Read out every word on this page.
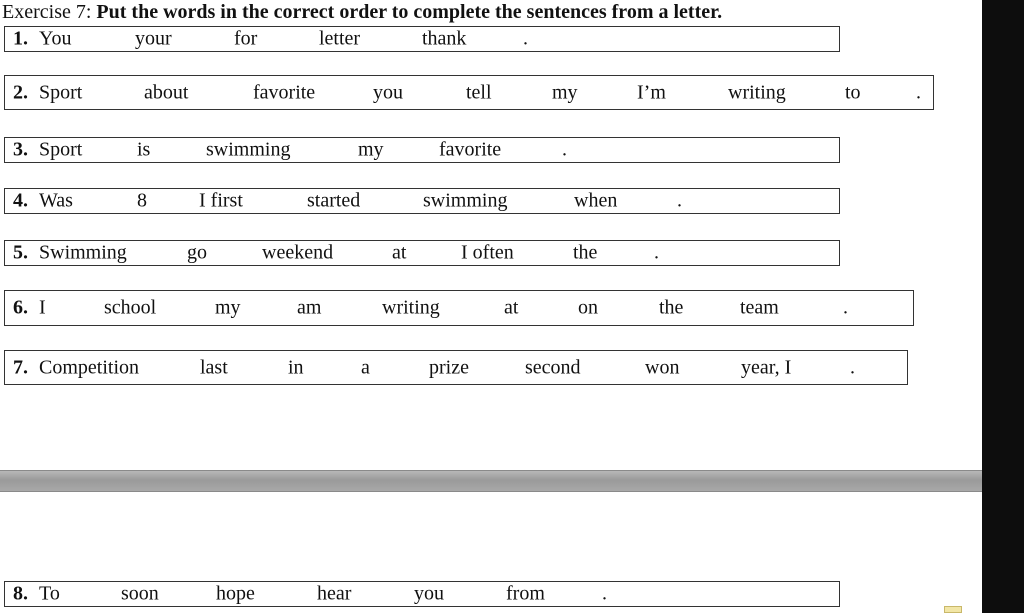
Exercise 7: Put the words in the correct order to complete the sentences from a letter.
1. You	your	for	letter	thank	.
2. Sport	about	favorite	you	tell	my	I’m	writing	to	.
3. Sport	is	swimming	my	favorite	.
4. Was	8	I first	started	swimming	when	.
5. Swimming	go	weekend	at	I often	the	.
6. I	school	my	am	writing	at	on	the	team	.
7. Competition	last	in	a	prize	second	won	year, I	.
8. To	soon	hope	hear	you	from	.
